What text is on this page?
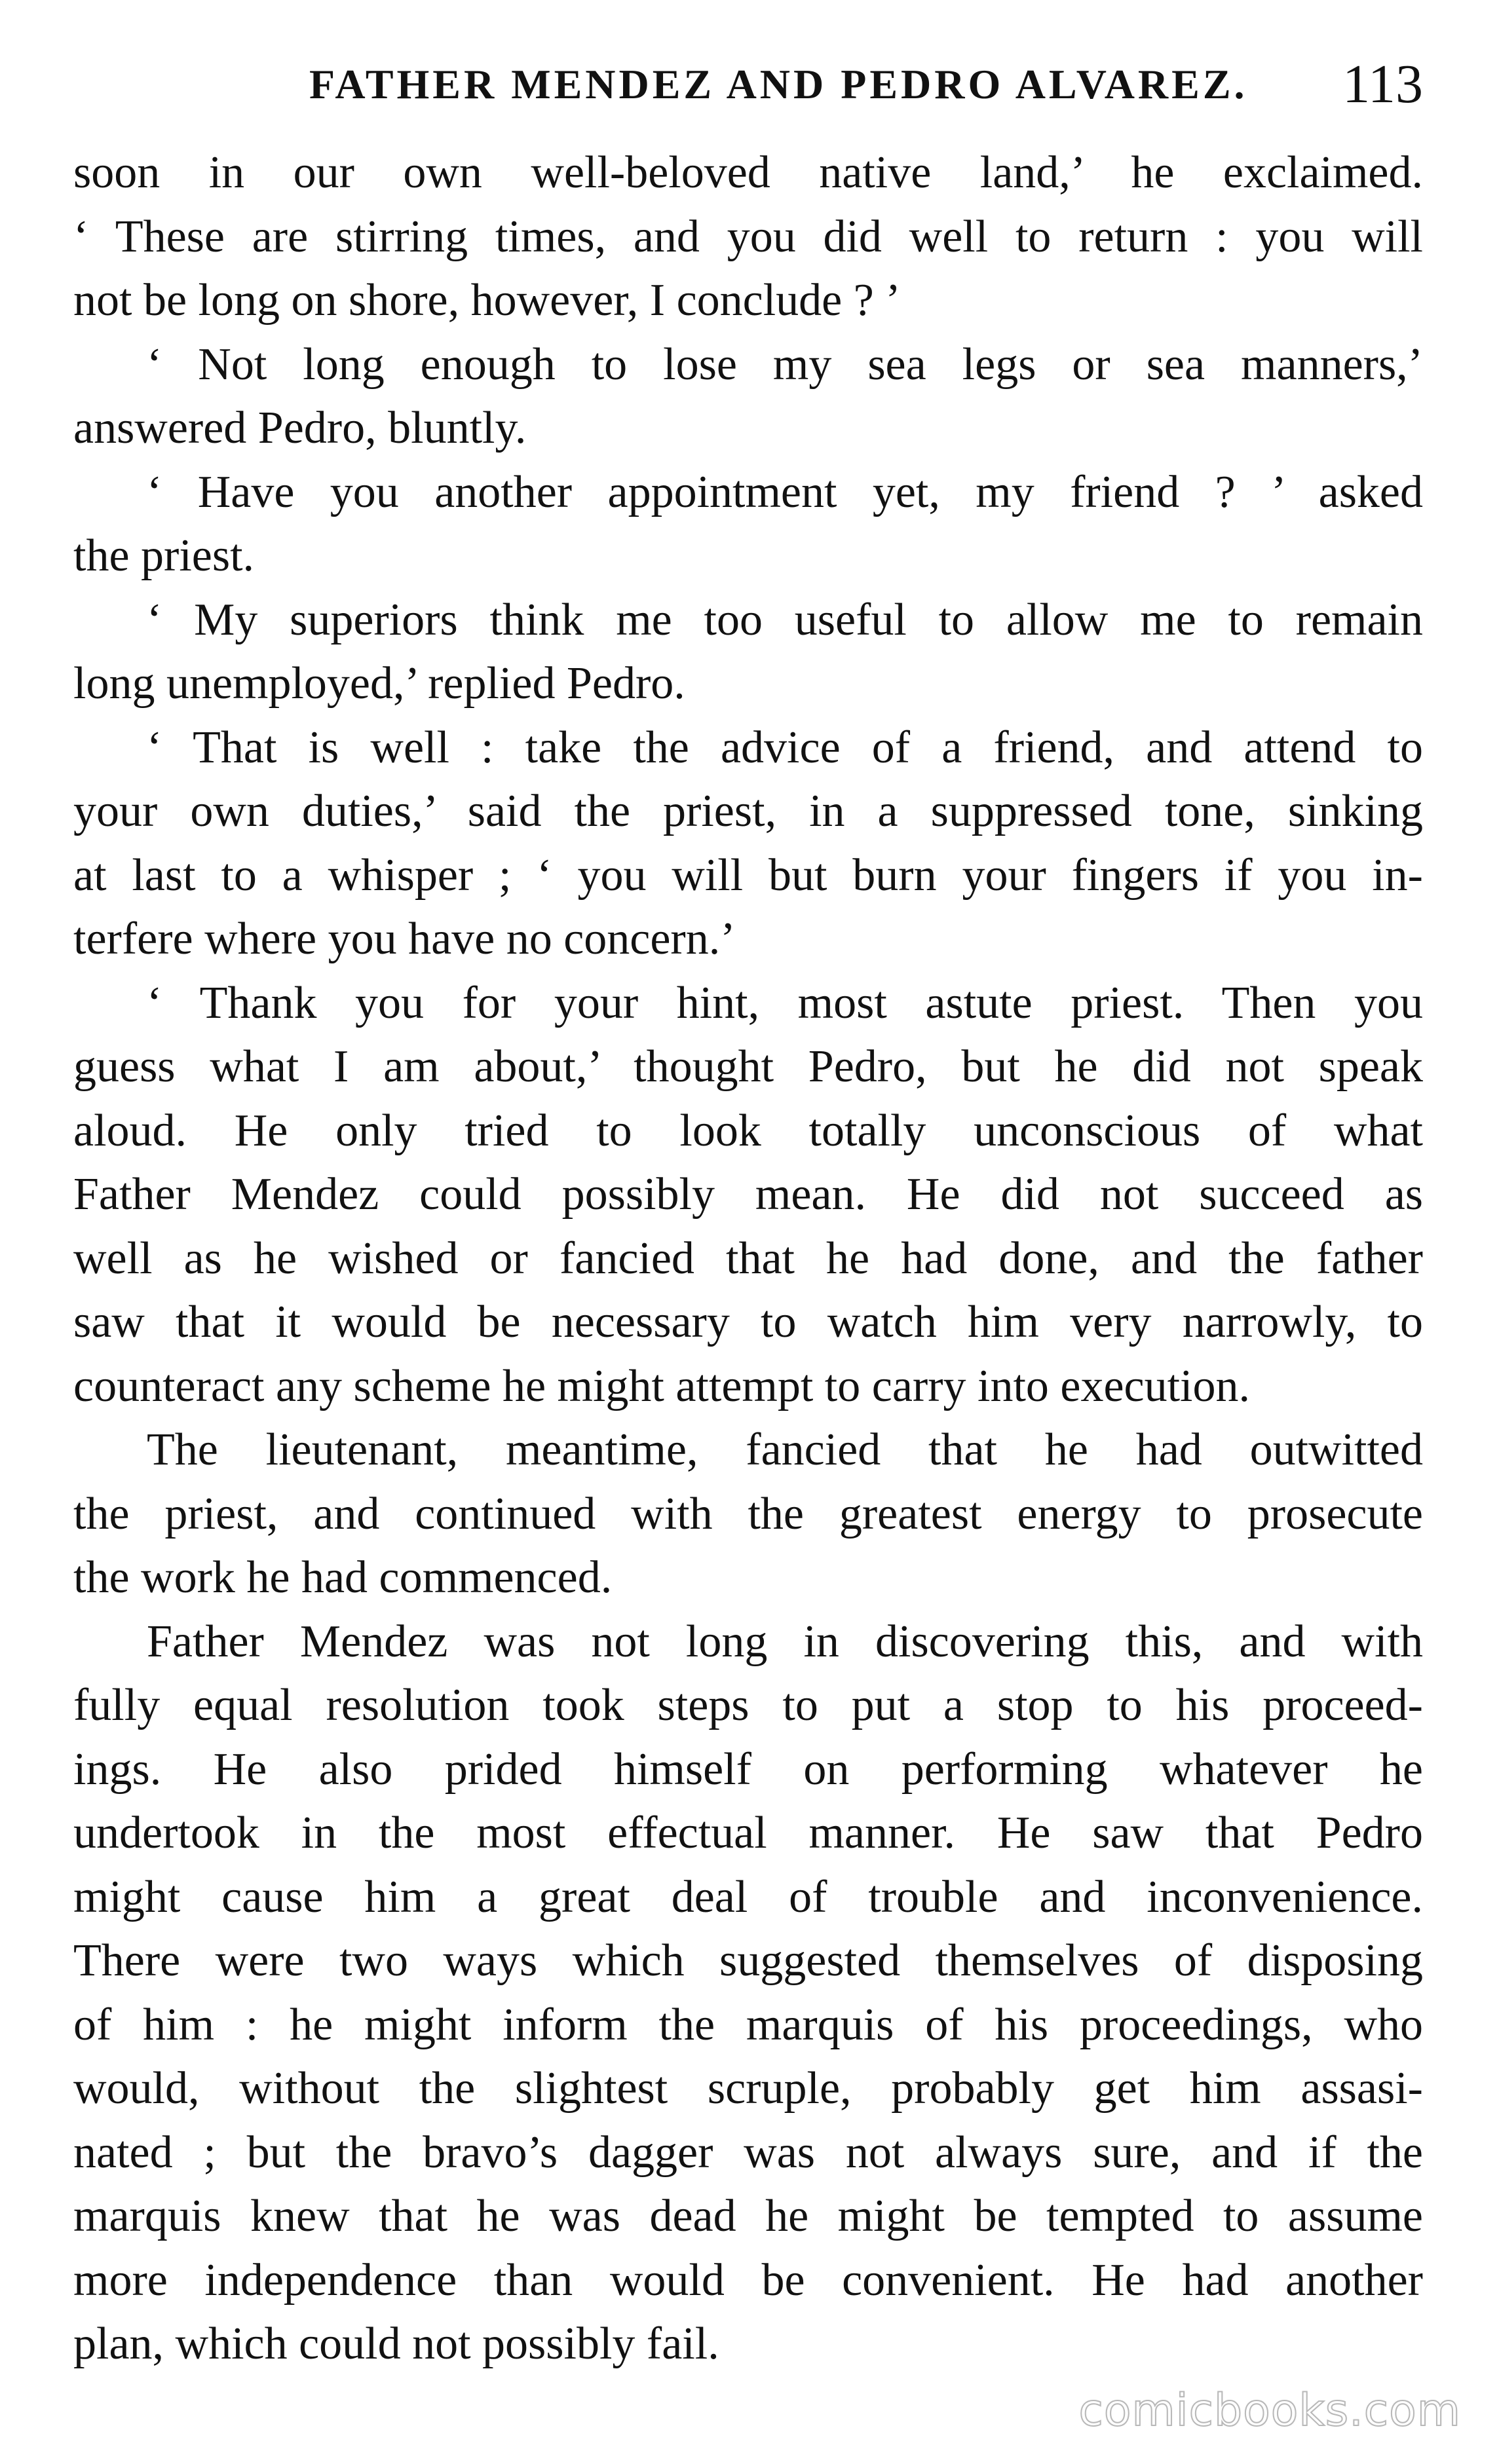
FATHER MENDEZ AND PEDRO ALVAREZ. 113
soon in our own well-beloved native land,’ he exclaimed.
‘ These are stirring times, and you did well to return : you will
not be long on shore, however, I conclude ? ’
‘ Not long enough to lose my sea legs or sea manners,’
answered Pedro, bluntly.
‘ Have you another appointment yet, my friend ? ’ asked
the priest.
‘ My superiors think me too useful to allow me to remain
long unemployed,’ replied Pedro.
‘ That is well : take the advice of a friend, and attend to
your own duties,’ said the priest, in a suppressed tone, sinking
at last to a whisper ; ‘ you will but burn your fingers if you in-
terfere where you have no concern.’
‘ Thank you for your hint, most astute priest. Then you
guess what I am about,’ thought Pedro, but he did not speak
aloud. He only tried to look totally unconscious of what
Father Mendez could possibly mean. He did not succeed as
well as he wished or fancied that he had done, and the father
saw that it would be necessary to watch him very narrowly, to
counteract any scheme he might attempt to carry into execution.
The lieutenant, meantime, fancied that he had outwitted
the priest, and continued with the greatest energy to prosecute
the work he had commenced.
Father Mendez was not long in discovering this, and with
fully equal resolution took steps to put a stop to his proceed-
ings. He also prided himself on performing whatever he
undertook in the most effectual manner. He saw that Pedro
might cause him a great deal of trouble and inconvenience.
There were two ways which suggested themselves of disposing
of him : he might inform the marquis of his proceedings, who
would, without the slightest scruple, probably get him assasi-
nated ; but the bravo’s dagger was not always sure, and if the
marquis knew that he was dead he might be tempted to assume
more independence than would be convenient. He had another
plan, which could not possibly fail.
comicbooks.com
